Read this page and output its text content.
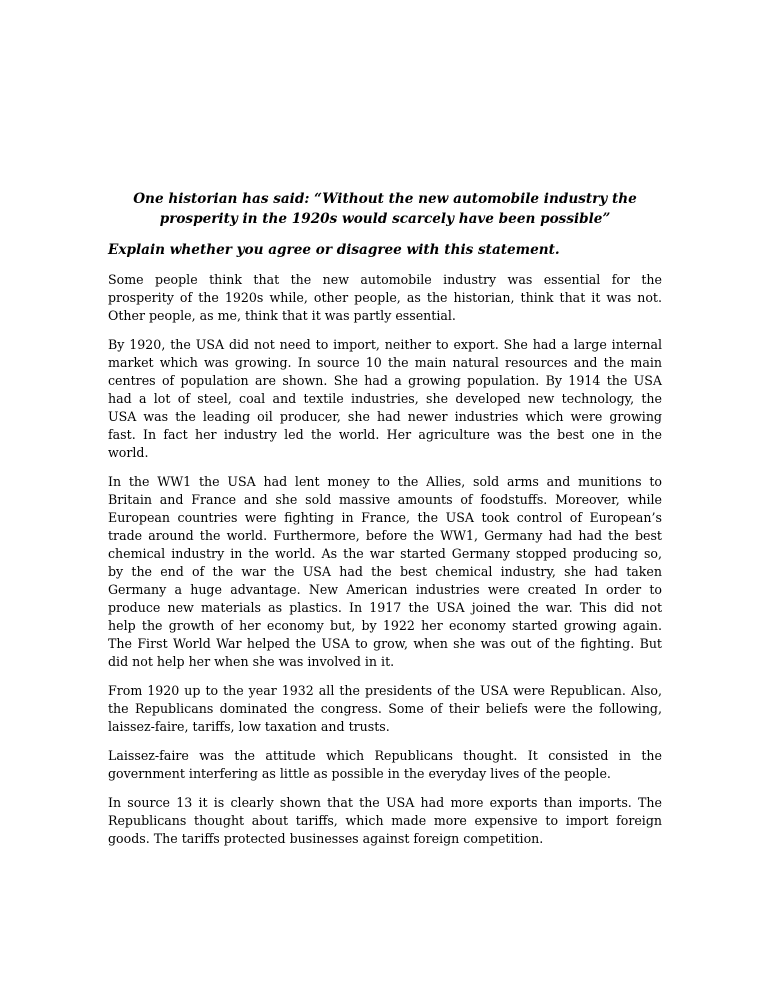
One historian has said: “Without the new automobile industry the
prosperity in the 1920s would scarcely have been possible”

Explain whether you agree or disagree with this statement.

Some people think that the new automobile industry was essential for the
prosperity of the 1920s while, other people, as the historian, think that it was not.
Other people, as me, think that it was partly essential.

By 1920, the USA did not need to import, neither to export. She had a large internal
market which was growing. In source 10 the main natural resources and the main
centres of population are shown. She had a growing population. By 1914 the USA
had a lot of steel, coal and textile industries, she developed new technology, the
USA was the leading oil producer, she had newer industries which were growing
fast. In fact her industry led the world. Her agriculture was the best one in the
world.

In the WW1 the USA had lent money to the Allies, sold arms and munitions to
Britain and France and she sold massive amounts of foodstuffs. Moreover, while
European countries were fighting in France, the USA took control of European’s
trade around the world. Furthermore, before the WW1, Germany had had the best
chemical industry in the world. As the war started Germany stopped producing so,
by the end of the war the USA had the best chemical industry, she had taken
Germany a huge advantage. New American industries were created In order to
produce new materials as plastics. In 1917 the USA joined the war. This did not
help the growth of her economy but, by 1922 her economy started growing again.
The First World War helped the USA to grow, when she was out of the fighting. But
did not help her when she was involved in it.

From 1920 up to the year 1932 all the presidents of the USA were Republican. Also,
the Republicans dominated the congress. Some of their beliefs were the following,
laissez-faire, tariffs, low taxation and trusts.

Laissez-faire was the attitude which Republicans thought. It consisted in the
government interfering as little as possible in the everyday lives of the people.

In source 13 it is clearly shown that the USA had more exports than imports. The
Republicans thought about tariffs, which made more expensive to import foreign
goods. The tariffs protected businesses against foreign competition.
